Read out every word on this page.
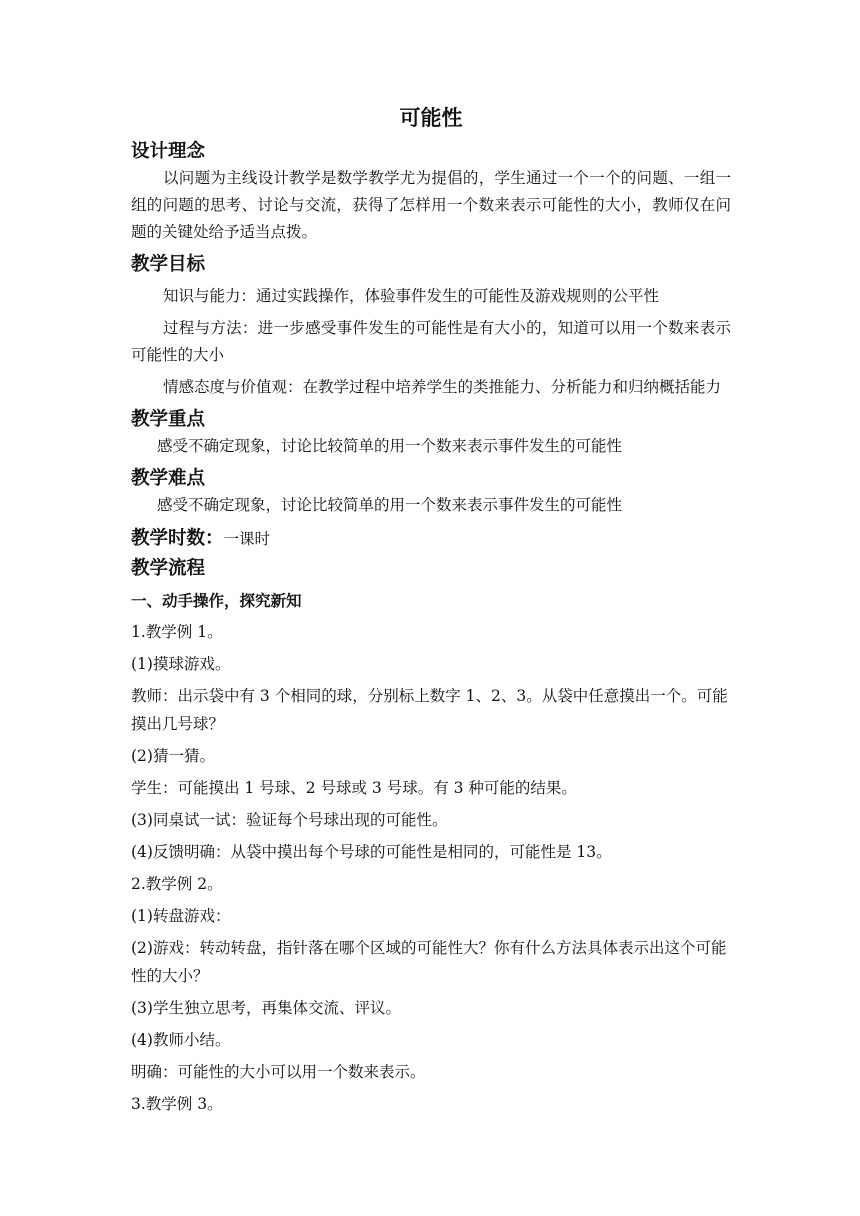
可能性
设计理念

以问题为主线设计教学是数学教学尤为提倡的，学生通过一个一个的问题、一组一组的问题的思考、讨论与交流，获得了怎样用一个数来表示可能性的大小，教师仅在问题的关键处给予适当点拨。

教学目标

知识与能力：通过实践操作，体验事件发生的可能性及游戏规则的公平性

过程与方法：进一步感受事件发生的可能性是有大小的，知道可以用一个数来表示可能性的大小

情感态度与价值观：在教学过程中培养学生的类推能力、分析能力和归纳概括能力

教学重点

感受不确定现象，讨论比较简单的用一个数来表示事件发生的可能性

教学难点

感受不确定现象，讨论比较简单的用一个数来表示事件发生的可能性

教学时数：一课时
教学流程
一、动手操作，探究新知

1.教学例 1。

(1)摸球游戏。

教师：出示袋中有 3 个相同的球，分别标上数字 1、2、3。从袋中任意摸出一个。可能摸出几号球？

(2)猜一猜。

学生：可能摸出 1 号球、2 号球或 3 号球。有 3 种可能的结果。

(3)同桌试一试：验证每个号球出现的可能性。

(4)反馈明确：从袋中摸出每个号球的可能性是相同的，可能性是 13。

2.教学例 2。

(1)转盘游戏：

(2)游戏：转动转盘，指针落在哪个区域的可能性大？你有什么方法具体表示出这个可能性的大小？

(3)学生独立思考，再集体交流、评议。

(4)教师小结。

明确：可能性的大小可以用一个数来表示。

3.教学例 3。
